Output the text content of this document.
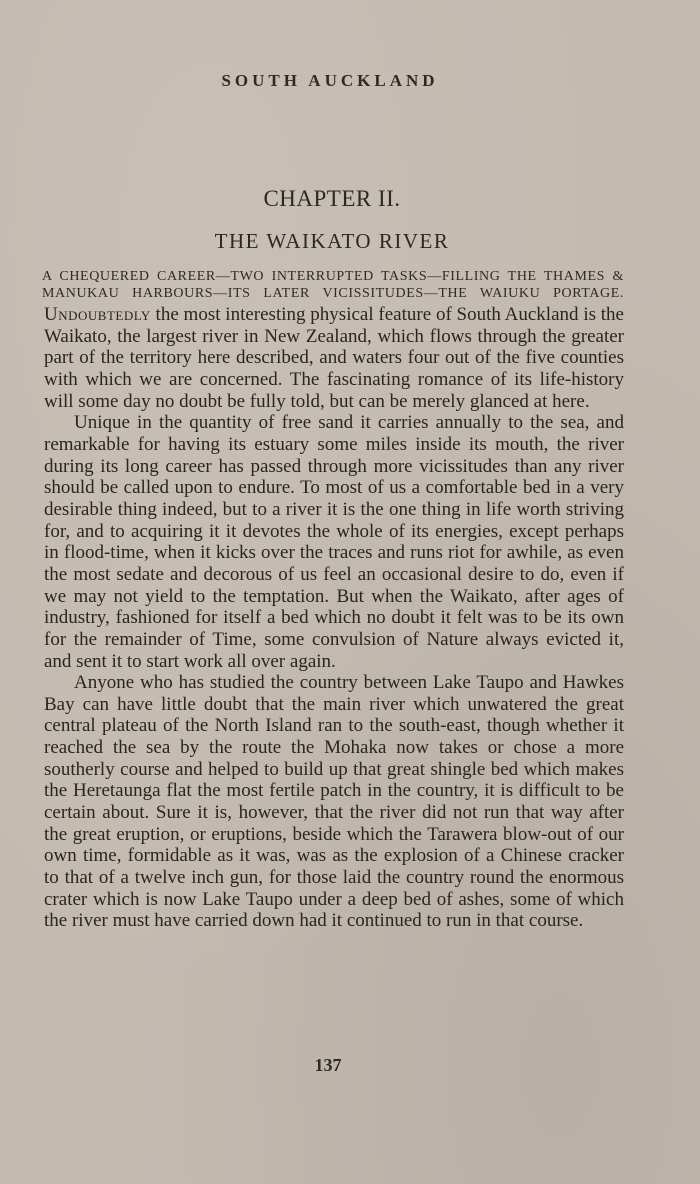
SOUTH AUCKLAND
CHAPTER II.
THE WAIKATO RIVER
A CHEQUERED CAREER—TWO INTERRUPTED TASKS—FILLING THE THAMES & MANUKAU HARBOURS—ITS LATER VICISSITUDES—THE WAIUKU PORTAGE.

Undoubtedly the most interesting physical feature of South Auckland is the Waikato, the largest river in New Zealand, which flows through the greater part of the territory here described, and waters four out of the five counties with which we are concerned. The fascinating romance of its life-history will some day no doubt be fully told, but can be merely glanced at here.

Unique in the quantity of free sand it carries annually to the sea, and remarkable for having its estuary some miles inside its mouth, the river during its long career has passed through more vicissitudes than any river should be called upon to endure. To most of us a comfortable bed in a very desirable thing indeed, but to a river it is the one thing in life worth striving for, and to acquiring it it devotes the whole of its energies, except perhaps in flood-time, when it kicks over the traces and runs riot for awhile, as even the most sedate and decorous of us feel an occasional desire to do, even if we may not yield to the temptation. But when the Waikato, after ages of industry, fashioned for itself a bed which no doubt it felt was to be its own for the remainder of Time, some convulsion of Nature always evicted it, and sent it to start work all over again.

Anyone who has studied the country between Lake Taupo and Hawkes Bay can have little doubt that the main river which unwatered the great central plateau of the North Island ran to the south-east, though whether it reached the sea by the route the Mohaka now takes or chose a more southerly course and helped to build up that great shingle bed which makes the Heretaunga flat the most fertile patch in the country, it is difficult to be certain about. Sure it is, however, that the river did not run that way after the great eruption, or eruptions, beside which the Tarawera blow-out of our own time, formidable as it was, was as the explosion of a Chinese cracker to that of a twelve inch gun, for those laid the country round the enormous crater which is now Lake Taupo under a deep bed of ashes, some of which the river must have carried down had it continued to run in that course.

137
